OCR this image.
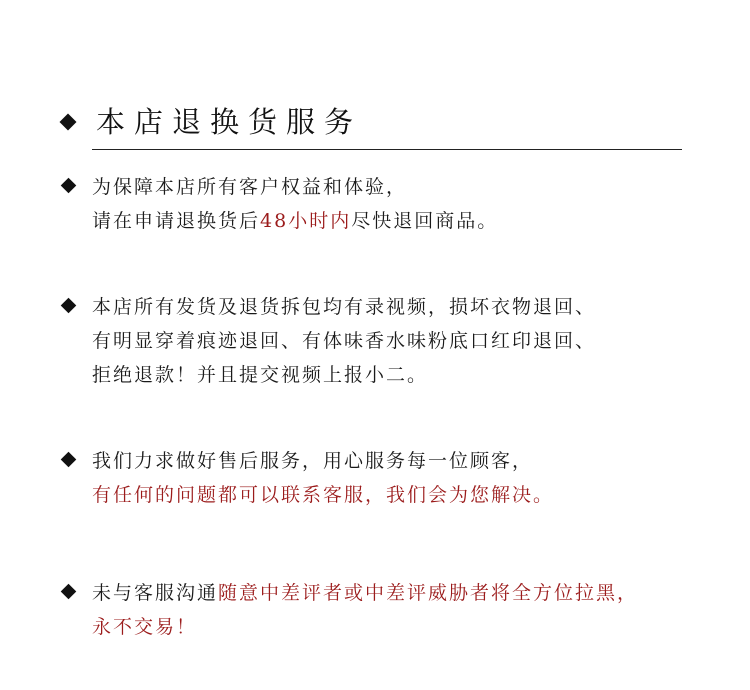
本店退换货服务
为保障本店所有客户权益和体验，
请在申请退换货后48小时内尽快退回商品。
本店所有发货及退货拆包均有录视频，损坏衣物退回、
有明显穿着痕迹退回、有体味香水味粉底口红印退回、
拒绝退款！并且提交视频上报小二。
我们力求做好售后服务，用心服务每一位顾客，
有任何的问题都可以联系客服，我们会为您解决。
未与客服沟通随意中差评者或中差评威胁者将全方位拉黑，
永不交易！
